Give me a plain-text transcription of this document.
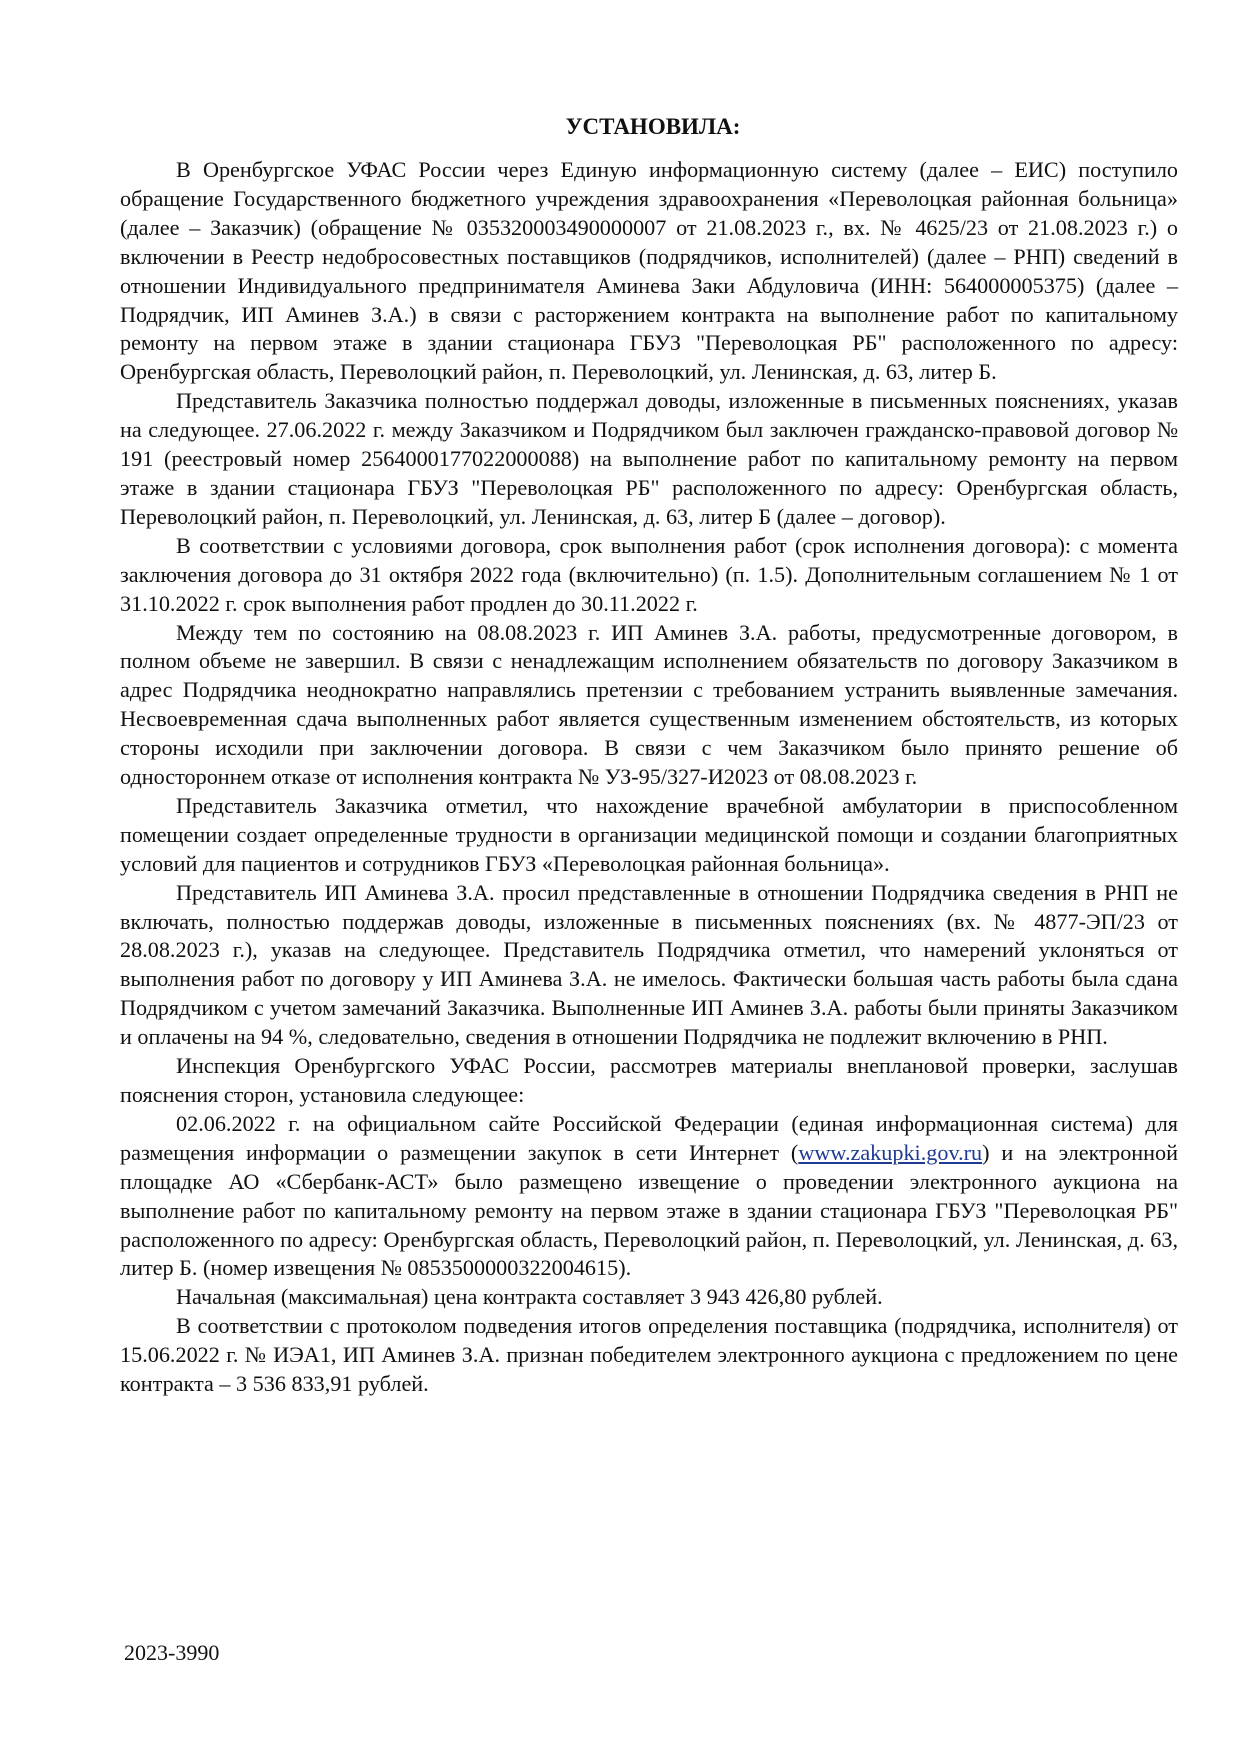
УСТАНОВИЛА:

В Оренбургское УФАС России через Единую информационную систему (далее – ЕИС) поступило обращение Государственного бюджетного учреждения здравоохранения «Переволоцкая районная больница» (далее – Заказчик) (обращение № 035320003490000007 от 21.08.2023 г., вх. № 4625/23 от 21.08.2023 г.) о включении в Реестр недобросовестных поставщиков (подрядчиков, исполнителей) (далее – РНП) сведений в отношении Индивидуального предпринимателя Аминева Заки Абдуловича (ИНН: 564000005375) (далее – Подрядчик, ИП Аминев З.А.) в связи с расторжением контракта на выполнение работ по капитальному ремонту на первом этаже в здании стационара ГБУЗ "Переволоцкая РБ" расположенного по адресу: Оренбургская область, Переволоцкий район, п. Переволоцкий, ул. Ленинская, д. 63, литер Б.

Представитель Заказчика полностью поддержал доводы, изложенные в письменных пояснениях, указав на следующее. 27.06.2022 г. между Заказчиком и Подрядчиком был заключен гражданско-правовой договор № 191 (реестровый номер 2564000177022000088) на выполнение работ по капитальному ремонту на первом этаже в здании стационара ГБУЗ "Переволоцкая РБ" расположенного по адресу: Оренбургская область, Переволоцкий район, п. Переволоцкий, ул. Ленинская, д. 63, литер Б (далее – договор).

В соответствии с условиями договора, срок выполнения работ (срок исполнения договора): с момента заключения договора до 31 октября 2022 года (включительно) (п. 1.5). Дополнительным соглашением № 1 от 31.10.2022 г. срок выполнения работ продлен до 30.11.2022 г.

Между тем по состоянию на 08.08.2023 г. ИП Аминев З.А. работы, предусмотренные договором, в полном объеме не завершил. В связи с ненадлежащим исполнением обязательств по договору Заказчиком в адрес Подрядчика неоднократно направлялись претензии с требованием устранить выявленные замечания. Несвоевременная сдача выполненных работ является существенным изменением обстоятельств, из которых стороны исходили при заключении договора. В связи с чем Заказчиком было принято решение об одностороннем отказе от исполнения контракта № УЗ-95/327-И2023 от 08.08.2023 г.

Представитель Заказчика отметил, что нахождение врачебной амбулатории в приспособленном помещении создает определенные трудности в организации медицинской помощи и создании благоприятных условий для пациентов и сотрудников ГБУЗ «Переволоцкая районная больница».

Представитель ИП Аминева З.А. просил представленные в отношении Подрядчика сведения в РНП не включать, полностью поддержав доводы, изложенные в письменных пояснениях (вх. № 4877-ЭП/23 от 28.08.2023 г.), указав на следующее. Представитель Подрядчика отметил, что намерений уклоняться от выполнения работ по договору у ИП Аминева З.А. не имелось. Фактически большая часть работы была сдана Подрядчиком с учетом замечаний Заказчика. Выполненные ИП Аминев З.А. работы были приняты Заказчиком и оплачены на 94 %, следовательно, сведения в отношении Подрядчика не подлежит включению в РНП.

Инспекция Оренбургского УФАС России, рассмотрев материалы внеплановой проверки, заслушав пояснения сторон, установила следующее:

02.06.2022 г. на официальном сайте Российской Федерации (единая информационная система) для размещения информации о размещении закупок в сети Интернет (www.zakupki.gov.ru) и на электронной площадке АО «Сбербанк-АСТ» было размещено извещение о проведении электронного аукциона на выполнение работ по капитальному ремонту на первом этаже в здании стационара ГБУЗ "Переволоцкая РБ" расположенного по адресу: Оренбургская область, Переволоцкий район, п. Переволоцкий, ул. Ленинская, д. 63, литер Б. (номер извещения № 0853500000322004615).

Начальная (максимальная) цена контракта составляет 3 943 426,80 рублей.

В соответствии с протоколом подведения итогов определения поставщика (подрядчика, исполнителя) от 15.06.2022 г. № ИЭА1, ИП Аминев З.А. признан победителем электронного аукциона с предложением по цене контракта – 3 536 833,91 рублей.

2023-3990
